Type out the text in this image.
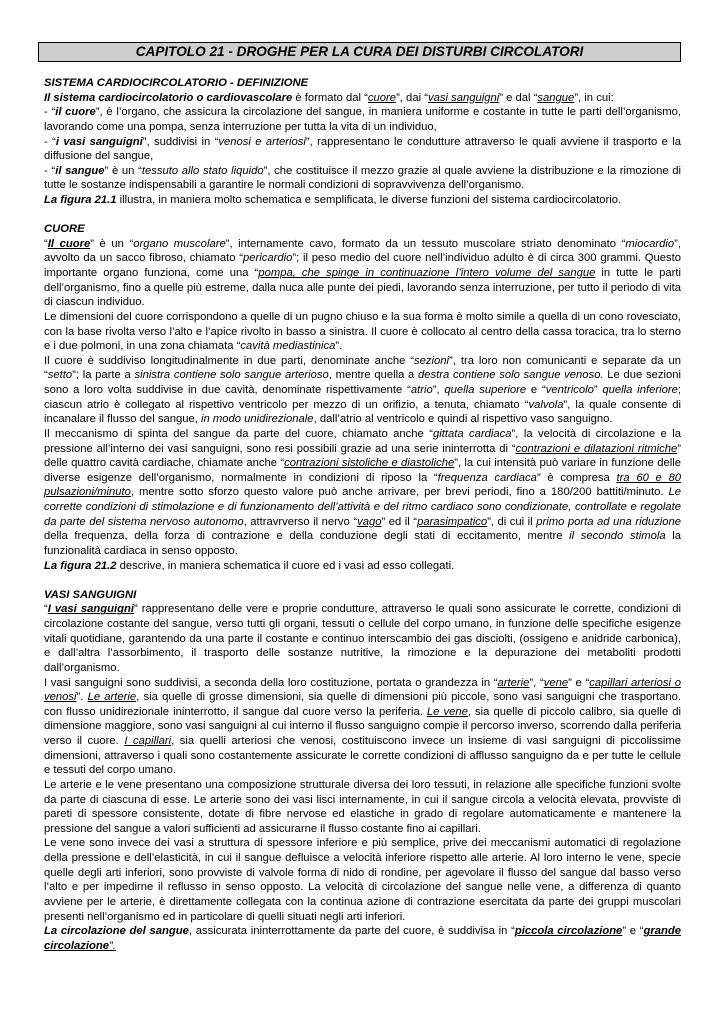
CAPITOLO 21 - DROGHE PER LA CURA DEI DISTURBI CIRCOLATORI

SISTEMA CARDIOCIRCOLATORIO - DEFINIZIONE

Il sistema cardiocircolatorio o cardiovascolare è formato dal “cuore”, dai “vasi sanguigni” e dal “sangue”, in cui:

- “il cuore”, è l’organo, che assicura la circolazione del sangue, in maniera uniforme e costante in tutte le parti dell’organismo, lavorando come una pompa, senza interruzione per tutta la vita di un individuo,

- “i vasi sanguigni”, suddivisi in “venosi e arteriosi”, rappresentano le condutture attraverso le quali avviene il trasporto e la diffusione del sangue,

- “il sangue” è un “tessuto allo stato liquido”, che costituisce il mezzo grazie al quale avviene la distribuzione e la rimozione di tutte le sostanze indispensabili a garantire le normali condizioni di sopravvivenza dell’organismo.

La figura 21.1 illustra, in maniera molto schematica e semplificata, le diverse funzioni del sistema cardiocircolatorio.

CUORE

“Il cuore” è un “organo muscolare”, internamente cavo, formato da un tessuto muscolare striato denominato “miocardio”, avvolto da un sacco fibroso, chiamato “pericardio”; il peso medio del cuore nell’individuo adulto è di circa 300 grammi. Questo importante organo funziona, come una “pompa, che spinge in continuazione l’intero volume del sangue in tutte le parti dell’organismo, fino a quelle più estreme, dalla nuca alle punte dei piedi, lavorando senza interruzione, per tutto il periodo di vita di ciascun individuo.

Le dimensioni del cuore corrispondono a quelle di un pugno chiuso e la sua forma è molto simile a quella di un cono rovesciato, con la base rivolta verso l’alto e l’apice rivolto in basso a sinistra. Il cuore è collocato al centro della cassa toracica, tra lo sterno e i due polmoni, in una zona chiamata “cavità mediastinica”.

Il cuore è suddiviso longitudinalmente in due parti, denominate anche “sezioni”, tra loro non comunicanti e separate da un “setto”; la parte a sinistra contiene solo sangue arterioso, mentre quella a destra contiene solo sangue venoso. Le due sezioni sono a loro volta suddivise in due cavità, denominate rispettivamente “atrio”, quella superiore e “ventricolo” quella inferiore; ciascun atrio è collegato al rispettivo ventricolo per mezzo di un orifizio, a tenuta, chiamato “valvola”, la quale consente di incanalare il flusso del sangue, in modo unidirezionale, dall’atrio al ventricolo e quindi al rispettivo vaso sanguigno.

Il meccanismo di spinta del sangue da parte del cuore, chiamato anche “gittata cardiaca”, la velocità di circolazione e la pressione all’interno dei vasi sanguigni, sono resi possibili grazie ad una serie ininterrotta di “contrazioni e dilatazioni ritmiche” delle quattro cavità cardiache, chiamate anche “contrazioni sistoliche e diastoliche”, la cui intensità può variare in funzione delle diverse esigenze dell’organismo, normalmente in condizioni di riposo la “frequenza cardiaca” è compresa tra 60 e 80 pulsazioni/minuto, mentre sotto sforzo questo valore può anche arrivare, per brevi periodi, fino a 180/200 battiti/minuto. Le corrette condizioni di stimolazione e di funzionamento dell’attività e del ritmo cardiaco sono condizionate, controllate e regolate da parte del sistema nervoso autonomo, attravrverso il nervo “vago” ed il “parasimpatico”, di cui il primo porta ad una riduzione della frequenza, della forza di contrazione e della conduzione degli stati di eccitamento, mentre il secondo stimola la funzionalità cardiaca in senso opposto.

La figura 21.2 descrive, in maniera schematica il cuore ed i vasi ad esso collegati.

VASI SANGUIGNI

“I vasi sanguigni” rappresentano delle vere e proprie condutture, attraverso le quali sono assicurate le corrette, condizioni di circolazione costante del sangue, verso tutti gli organi, tessuti o cellule del corpo umano, in funzione delle specifiche esigenze vitali quotidiane, garantendo da una parte il costante e continuo interscambio dei gas disciolti, (ossigeno e anidride carbonica), e dall’altra l’assorbimento, il trasporto delle sostanze nutritive, la rimozione e la depurazione dei metaboliti prodotti dall’organismo.

I vasi sanguigni sono suddivisi, a seconda della loro costituzione, portata o grandezza in “arterie”, “vene” e “capillari arteriosi o venosi”. Le arterie, sia quelle di grosse dimensioni, sia quelle di dimensioni più piccole, sono vasi sanguigni che trasportano. con flusso unidirezionale ininterrotto, il sangue dal cuore verso la periferia. Le vene, sia quelle di piccolo calibro, sia quelle di dimensione maggiore, sono vasi sanguigni al cui interno il flusso sanguigno compie il percorso inverso, scorrendo dalla periferia verso il cuore. I capillari, sia quelli arteriosi che venosi, costituiscono invece un insieme di vasi sanguigni di piccolissime dimensioni, attraverso i quali sono costantemente assicurate le corrette condizioni di afflusso sanguigno da e per tutte le cellule e tessuti del corpo umano.

Le arterie e le vene presentano una composizione strutturale diversa dei loro tessuti, in relazione alle specifiche funzioni svolte da parte di ciascuna di esse. Le arterie sono dei vasi lisci internamente, in cui il sangue circola a velocità elevata, provviste di pareti di spessore consistente, dotate di fibre nervose ed elastiche in grado di regolare automaticamente e mantenere la pressione del sangue a valori sufficienti ad assicurarne il flusso costante fino ai capillari.

Le vene sono invece dei vasi a struttura di spessore inferiore e più semplice, prive dei meccanismi automatici di regolazione della pressione e dell’elasticità, in cui il sangue defluisce a velocità inferiore rispetto alle arterie. Al loro interno le vene, specie quelle degli arti inferiori, sono provviste di valvole forma di nido di rondine, per agevolare il flusso del sangue dal basso verso l’alto e per impedirne il reflusso in senso opposto. La velocità di circolazione del sangue nelle vene, a differenza di quanto avviene per le arterie, è direttamente collegata con la continua azione di contrazione esercitata da parte dei gruppi muscolari presenti nell’organismo ed in particolare di quelli situati negli arti inferiori.

La circolazione del sangue, assicurata ininterrottamente da parte del cuore, è suddivisa in “piccola circolazione” e “grande circolazione”.
